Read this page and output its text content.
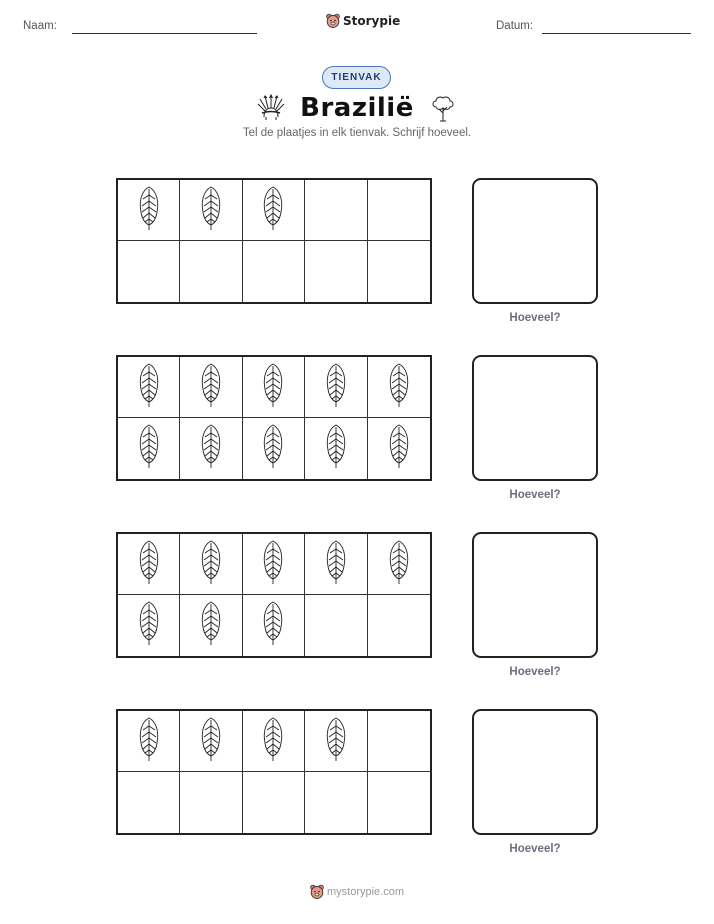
Naam:	Storypie	Datum:
TIENVAK
Brazilië
Tel de plaatjes in elk tienvak. Schrijf hoeveel.
Hoeveel?
Hoeveel?
Hoeveel?
Hoeveel?
mystorypie.com
